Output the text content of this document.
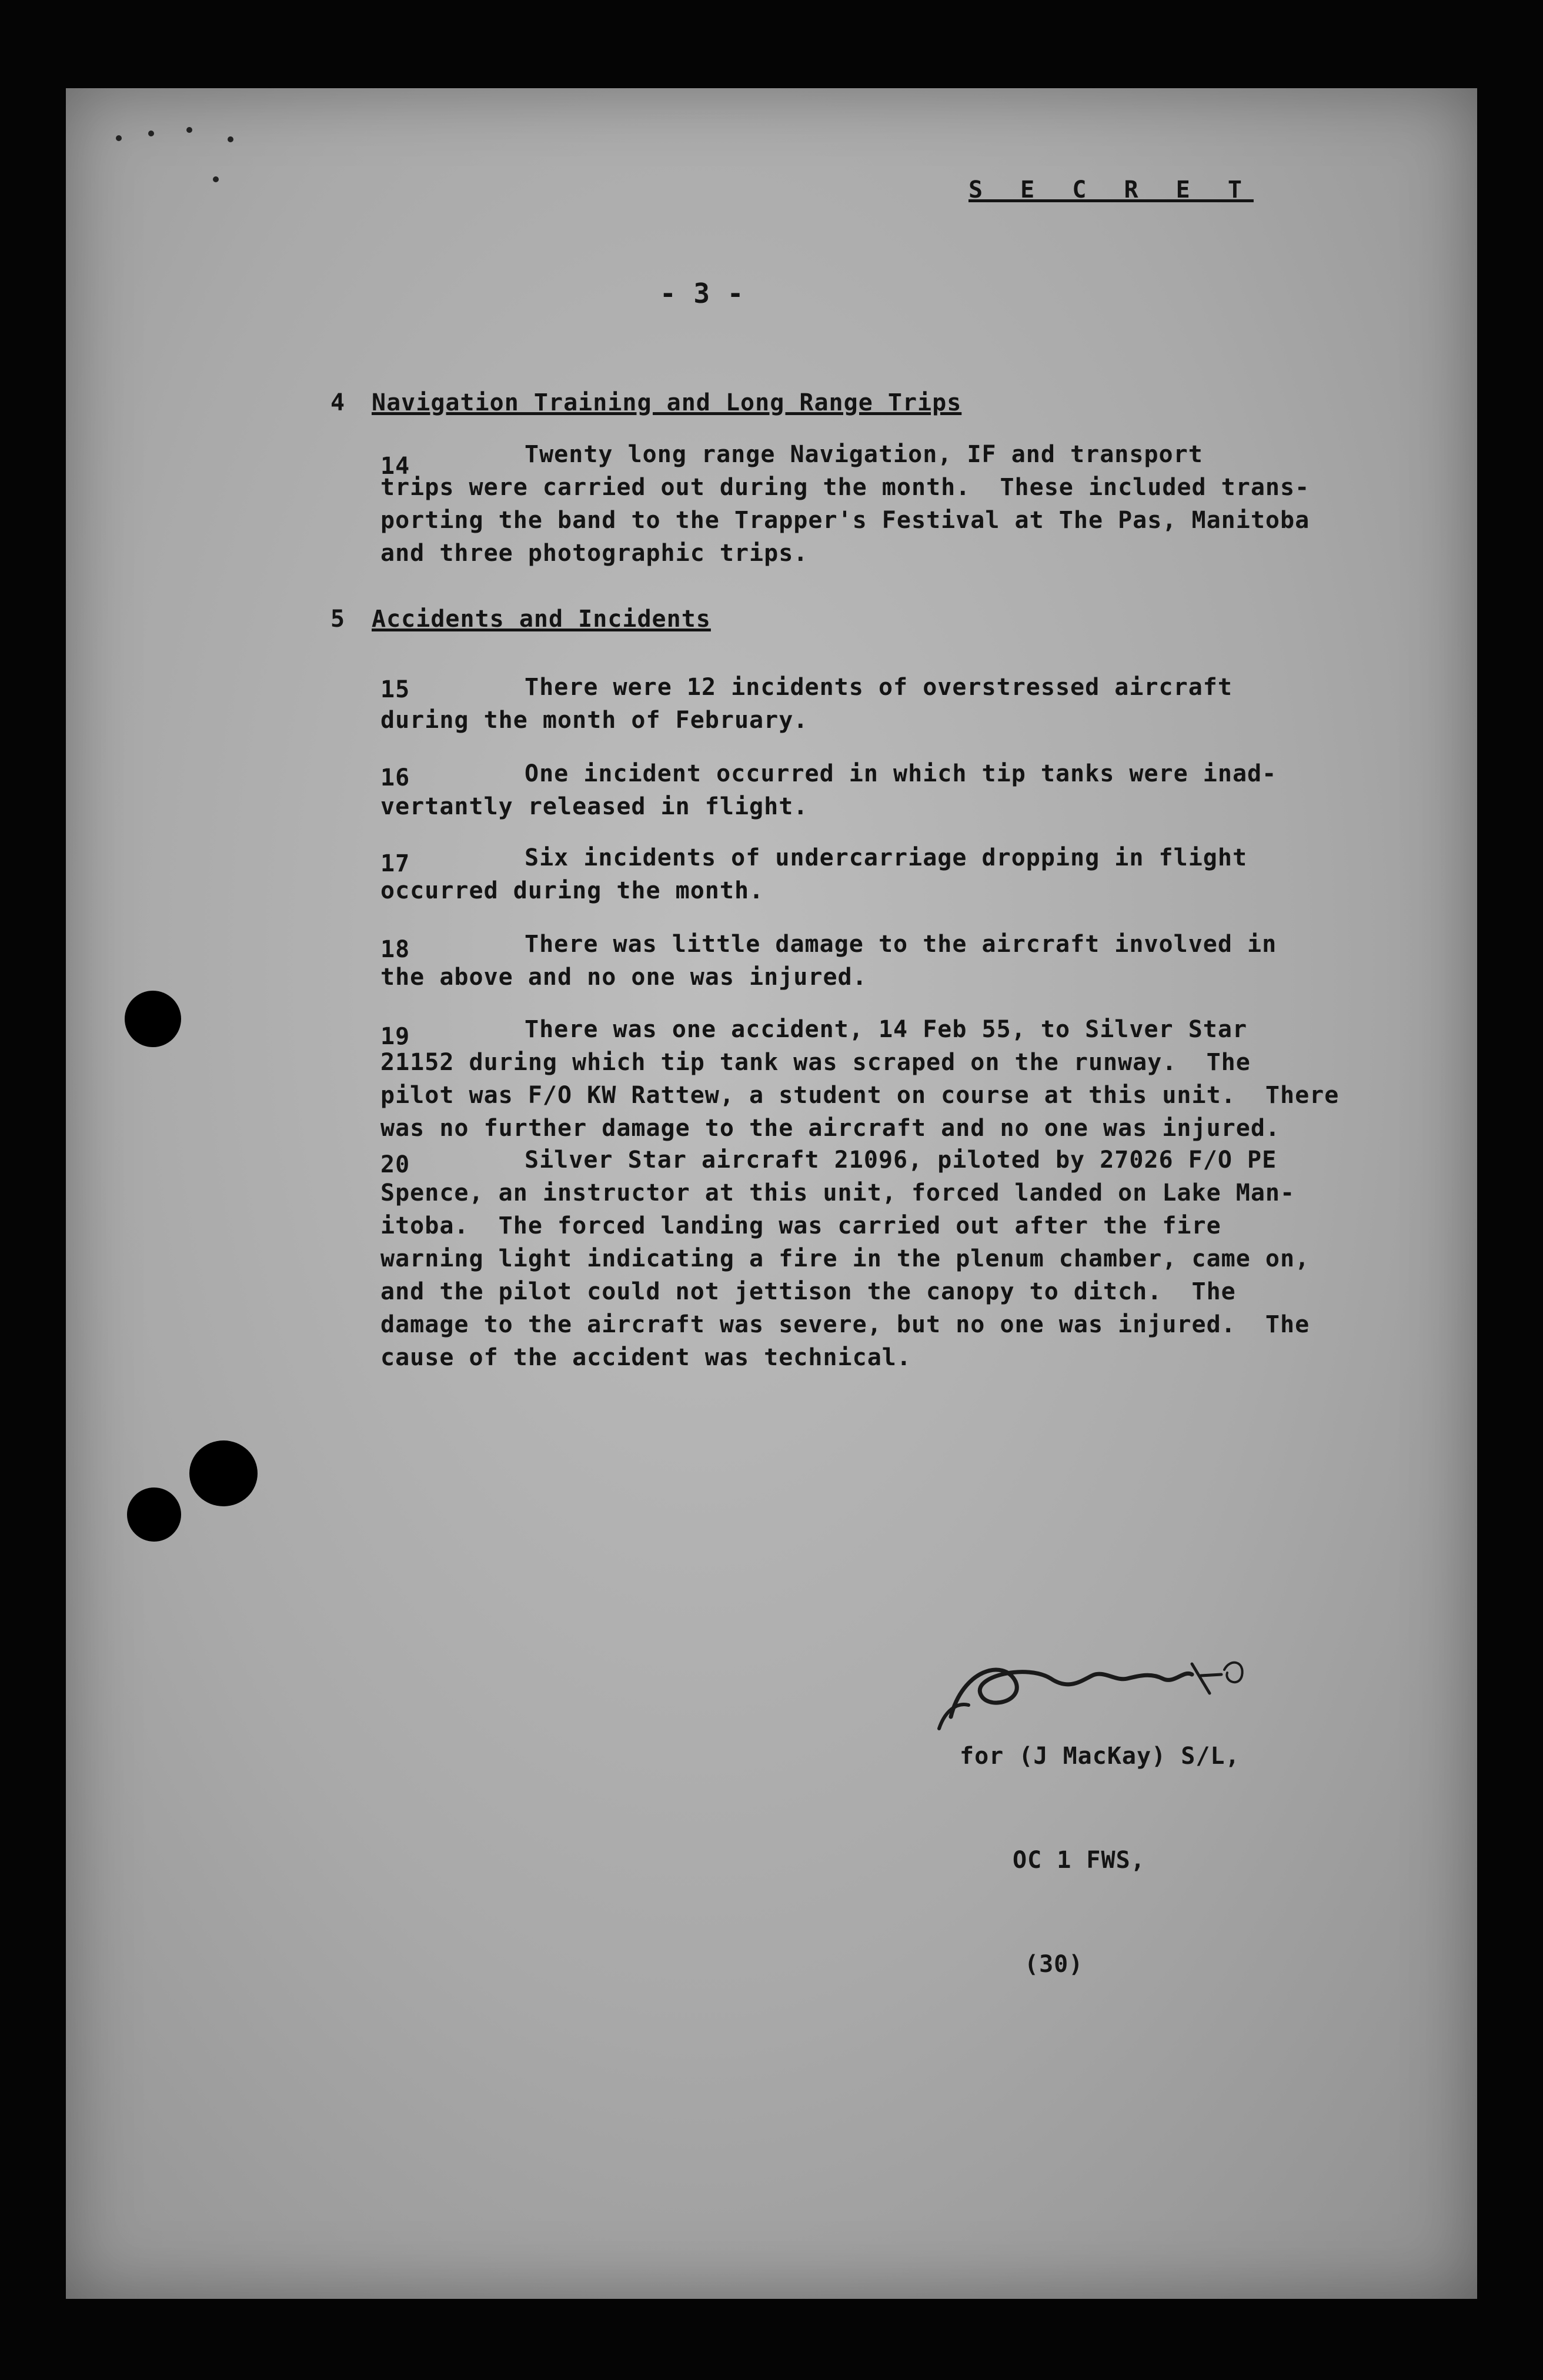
S E C R E T
- 3 -
4 Navigation Training and Long Range Trips
14	Twenty long range Navigation, IF and transport
trips were carried out during the month.  These included trans-
porting the band to the Trapper's Festival at The Pas, Manitoba
and three photographic trips.
5 Accidents and Incidents
15	There were 12 incidents of overstressed aircraft
during the month of February.
16	One incident occurred in which tip tanks were inad-
vertantly released in flight.
17	Six incidents of undercarriage dropping in flight
occurred during the month.
18	There was little damage to the aircraft involved in
the above and no one was injured.
19	There was one accident, 14 Feb 55, to Silver Star
21152 during which tip tank was scraped on the runway.  The
pilot was F/O KW Rattew, a student on course at this unit.  There
was no further damage to the aircraft and no one was injured.
20	Silver Star aircraft 21096, piloted by 27026 F/O PE
Spence, an instructor at this unit, forced landed on Lake Man-
itoba.  The forced landing was carried out after the fire
warning light indicating a fire in the plenum chamber, came on,
and the pilot could not jettison the canopy to ditch.  The
damage to the aircraft was severe, but no one was injured.  The
cause of the accident was technical.

for (J MacKay) S/L,

OC 1 FWS,

(30)
